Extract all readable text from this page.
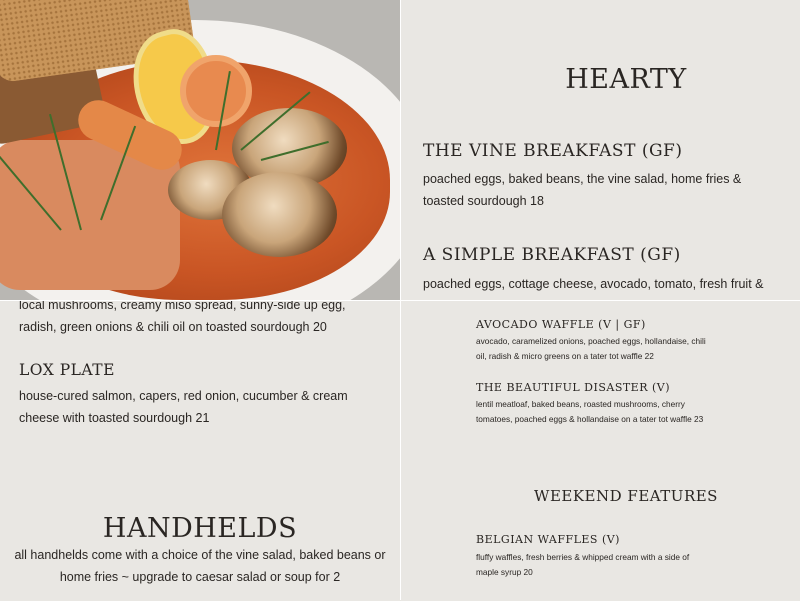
HEARTY
THE VINE BREAKFAST (GF)
poached eggs, baked beans, the vine salad, home fries &
toasted sourdough 18
A SIMPLE BREAKFAST (GF)
poached eggs, cottage cheese, avocado, tomato, fresh fruit &
local mushrooms, creamy miso spread, sunny-side up egg,
radish, green onions & chili oil on toasted sourdough 20
LOX PLATE
house-cured salmon, capers, red onion, cucumber & cream
cheese with toasted sourdough 21
HANDHELDS
all handhelds come with a choice of the vine salad, baked beans or
home fries ~ upgrade to caesar salad or soup for 2
AVOCADO WAFFLE (V | GF)
avocado, caramelized onions, poached eggs, hollandaise, chili
oil, radish & micro greens on a tater tot waffle 22
THE BEAUTIFUL DISASTER (V)
lentil meatloaf, baked beans, roasted mushrooms, cherry
tomatoes, poached eggs & hollandaise on a tater tot waffle 23
WEEKEND FEATURES
BELGIAN WAFFLES (V)
fluffy waffles, fresh berries & whipped cream with a side of
maple syrup 20
